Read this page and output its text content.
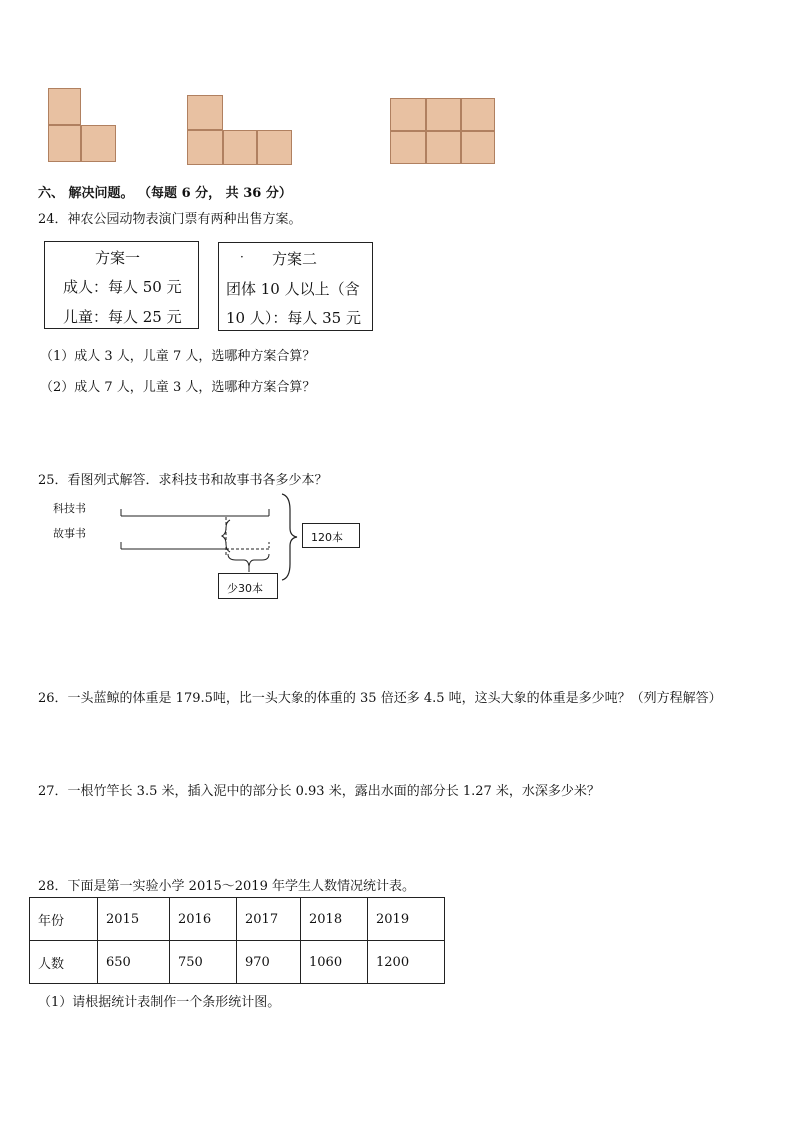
六、 解决问题。 （每题 6 分， 共 36 分）
24．神农公园动物表演门票有两种出售方案。
方案一
成人：每人 50 元
儿童：每人 25 元
· 方案二
团体 10 人以上（含
10 人）：每人 35 元
（1）成人 3 人，儿童 7 人，选哪种方案合算？
（2）成人 7 人，儿童 3 人，选哪种方案合算？
25．看图列式解答．求科技书和故事书各多少本？
科技书
故事书	120本
少30本
26．一头蓝鲸的体重是 179.5吨，比一头大象的体重的 35 倍还多 4.5 吨，这头大象的体重是多少吨？（列方程解答）
27．一根竹竿长 3.5 米，插入泥中的部分长 0.93 米，露出水面的部分长 1.27 米，水深多少米？
28．下面是第一实验小学 2015～2019 年学生人数情况统计表。
年份	2015	2016	2017	2018	2019
人数	650	750	970	1060	1200
（1）请根据统计表制作一个条形统计图。
